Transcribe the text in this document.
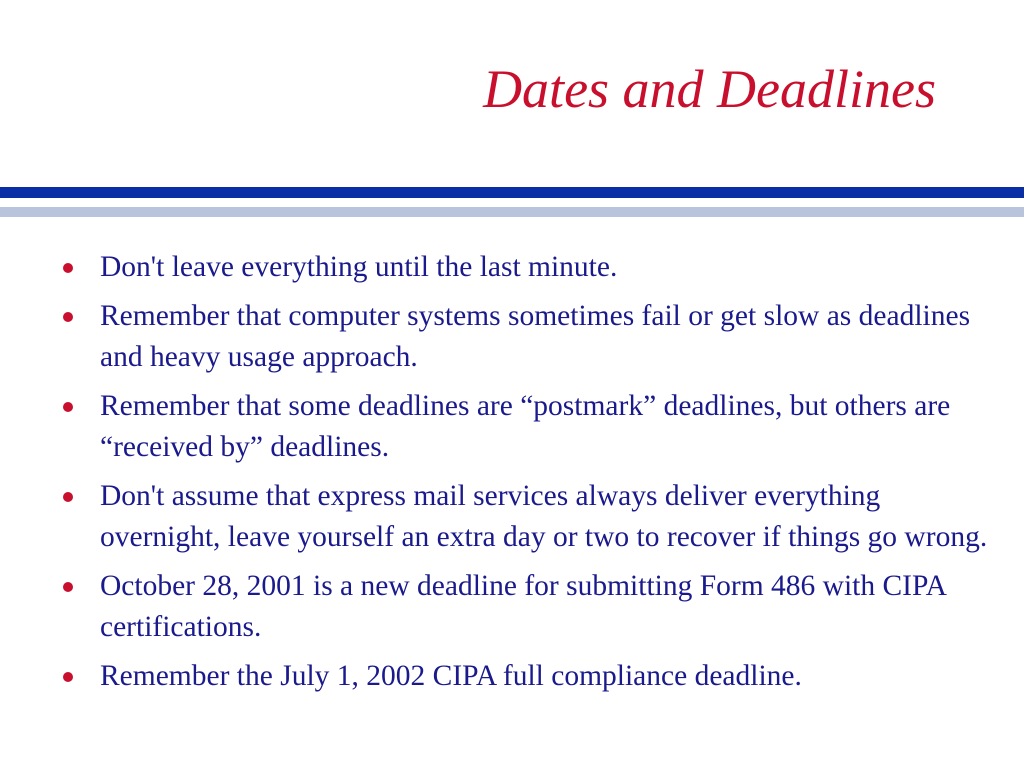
Dates and Deadlines
Don't leave everything until the last minute.
Remember that computer systems sometimes fail or get slow as deadlines and heavy usage approach.
Remember that some deadlines are “postmark” deadlines, but others are “received by” deadlines.
Don't assume that express mail services always deliver everything overnight, leave yourself an extra day or two to recover if things go wrong.
October 28, 2001 is a new deadline for submitting Form 486 with CIPA certifications.
Remember the July 1, 2002 CIPA full compliance deadline.
